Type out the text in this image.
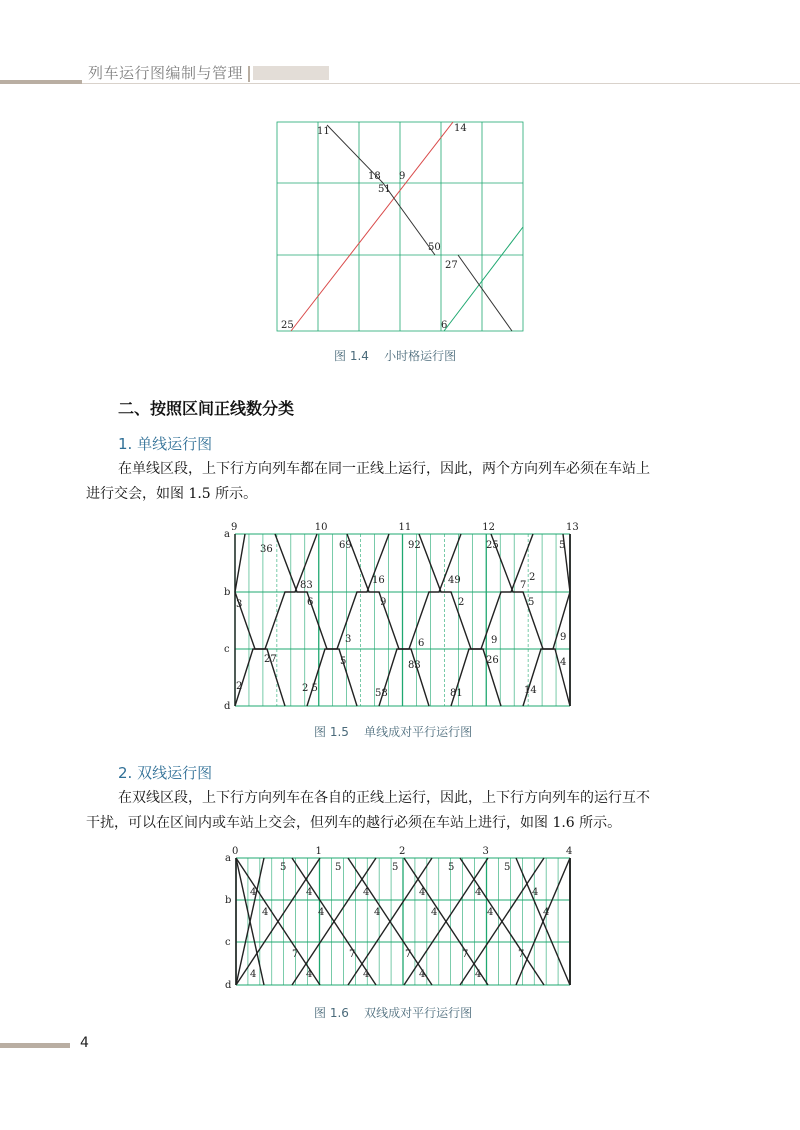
列车运行图编制与管理
11	14
18 9
51
50
27
25	6
图 1.4    小时格运行图
二、按照区间正线数分类
1. 单线运行图
在单线区段，上下行方向列车都在同一正线上运行，因此，两个方向列车必须在车站上
进行交会，如图 1.5 所示。
9	10	11	12	13
a
b
c
d
36	69	92	25	5
83	16	49	7
2
3	6	9	2	5
3	6	9	9
27	5	83	26	4
2	2 5	58	81	14
图 1.5    单线成对平行运行图
2. 双线运行图
在双线区段，上下行方向列车在各自的正线上运行，因此，上下行方向列车的运行互不
干扰，可以在区间内或车站上交会，但列车的越行必须在车站上进行，如图 1.6 所示。
0	1	2	3	4
a
b
c
d
5	5	5	5	5
4	4	4	4	4	4
4	4	4	4	4	4
7	7	7	7	7
4	4	4	4	4
图 1.6    双线成对平行运行图
4
